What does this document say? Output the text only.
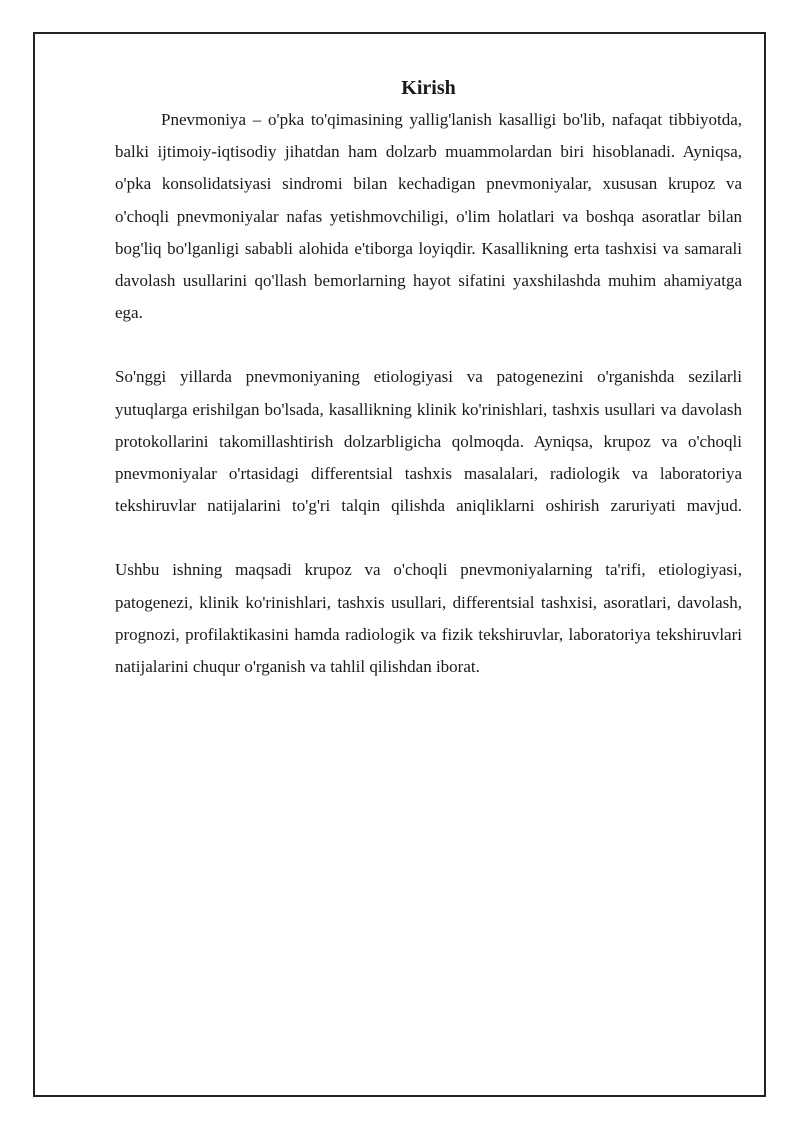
Kirish

Pnevmoniya – o'pka to'qimasining yallig'lanish kasalligi bo'lib, nafaqat tibbiyotda, balki ijtimoiy-iqtisodiy jihatdan ham dolzarb muammolardan biri hisoblanadi. Ayniqsa, o'pka konsolidatsiyasi sindromi bilan kechadigan pnevmoniyalar, xususan krupoz va o'choqli pnevmoniyalar nafas yetishmovchiligi, o'lim holatlari va boshqa asoratlar bilan bog'liq bo'lganligi sababli alohida e'tiborga loyiqdir. Kasallikning erta tashxisi va samarali davolash usullarini qo'llash bemorlarning hayot sifatini yaxshilashda muhim ahamiyatga ega.

So'nggi yillarda pnevmoniyaning etiologiyasi va patogenezini o'rganishda sezilarli yutuqlarga erishilgan bo'lsada, kasallikning klinik ko'rinishlari, tashxis usullari va davolash protokollarini takomillashtirish dolzarbligicha qolmoqda. Ayniqsa, krupoz va o'choqli pnevmoniyalar o'rtasidagi differentsial tashxis masalalari, radiologik va laboratoriya tekshiruvlar natijalarini to'g'ri talqin qilishda aniqliklarni oshirish zaruriyati mavjud.

Ushbu ishning maqsadi krupoz va o'choqli pnevmoniyalarning ta'rifi, etiologiyasi, patogenezi, klinik ko'rinishlari, tashxis usullari, differentsial tashxisi, asoratlari, davolash, prognozi, profilaktikasini hamda radiologik va fizik tekshiruvlar, laboratoriya tekshiruvlari natijalarini chuqur o'rganish va tahlil qilishdan iborat.
